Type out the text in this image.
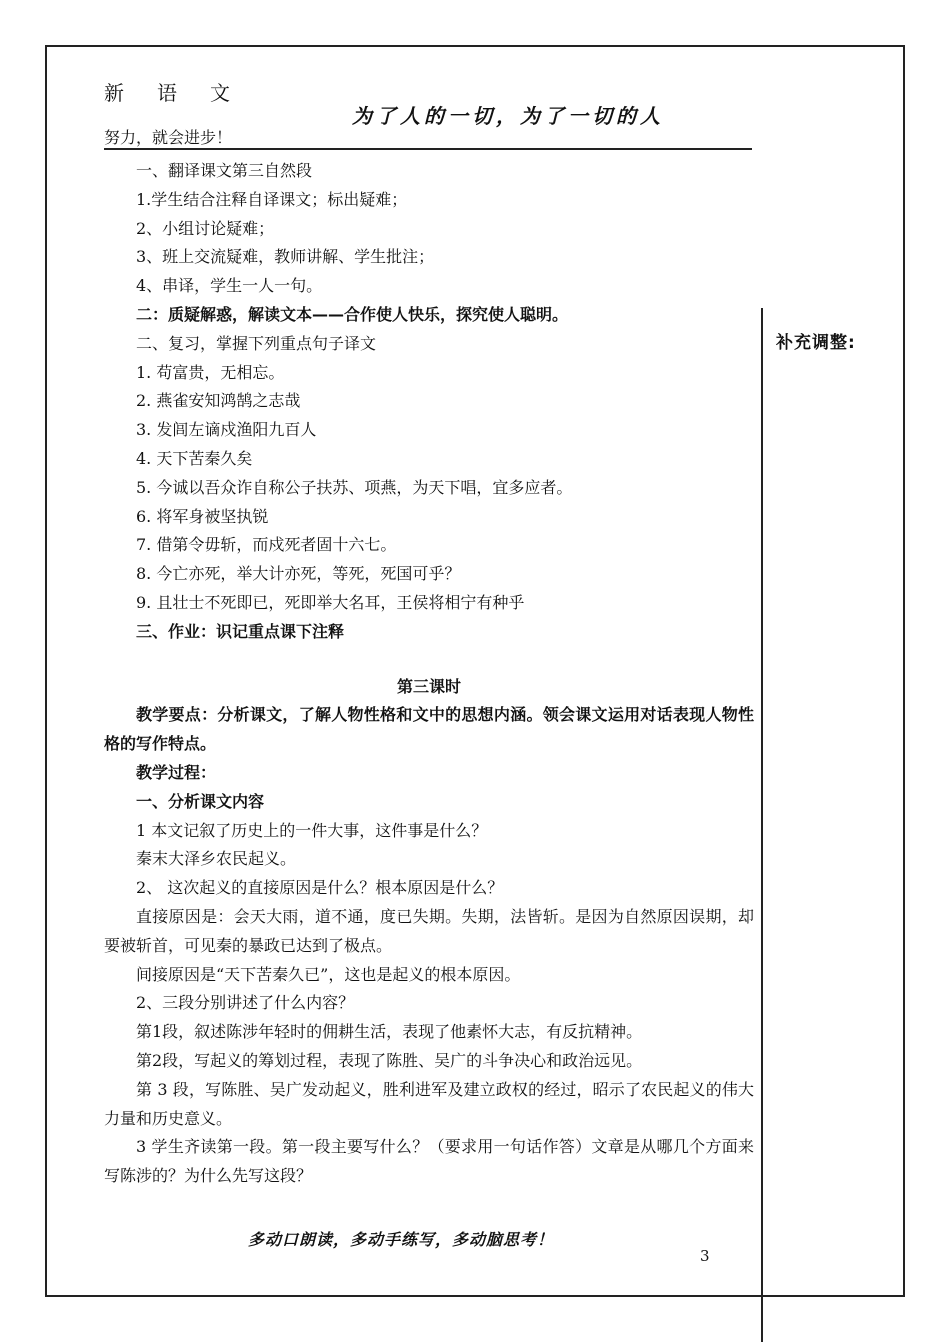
新语文
为了人的一切，为了一切的人
努力，就会进步！
补充调整:

一、翻译课文第三自然段

1.学生结合注释自译课文；标出疑难；

2、小组讨论疑难；

3、班上交流疑难，教师讲解、学生批注；

4、串译，学生一人一句。

二：质疑解惑，解读文本——合作使人快乐，探究使人聪明。

二、复习，掌握下列重点句子译文

1. 苟富贵，无相忘。

2. 燕雀安知鸿鹄之志哉

3. 发闾左谪戍渔阳九百人

4. 天下苦秦久矣

5. 今诚以吾众诈自称公子扶苏、项燕，为天下唱，宜多应者。

6. 将军身被坚执锐

7. 借第令毋斩，而戍死者固十六七。

8. 今亡亦死，举大计亦死，等死，死国可乎？

9. 且壮士不死即已，死即举大名耳，王侯将相宁有种乎

三、作业：识记重点课下注释

第三课时

教学要点：分析课文，了解人物性格和文中的思想内涵。领会课文运用对话表现人物性格的写作特点。

教学过程：

一、分析课文内容

1 本文记叙了历史上的一件大事，这件事是什么？

秦末大泽乡农民起义。

2、 这次起义的直接原因是什么？根本原因是什么？

直接原因是：会天大雨，道不通，度已失期。失期，法皆斩。是因为自然原因误期，却要被斩首，可见秦的暴政已达到了极点。

间接原因是“天下苦秦久已”，这也是起义的根本原因。

2、三段分别讲述了什么内容？

第1段，叙述陈涉年轻时的佣耕生活，表现了他素怀大志，有反抗精神。

第2段，写起义的筹划过程，表现了陈胜、吴广的斗争决心和政治远见。

第 3 段，写陈胜、吴广发动起义，胜利进军及建立政权的经过，昭示了农民起义的伟大力量和历史意义。

3 学生齐读第一段。第一段主要写什么？（要求用一句话作答）文章是从哪几个方面来写陈涉的？为什么先写这段？

多动口朗读，多动手练写，多动脑思考！
3
